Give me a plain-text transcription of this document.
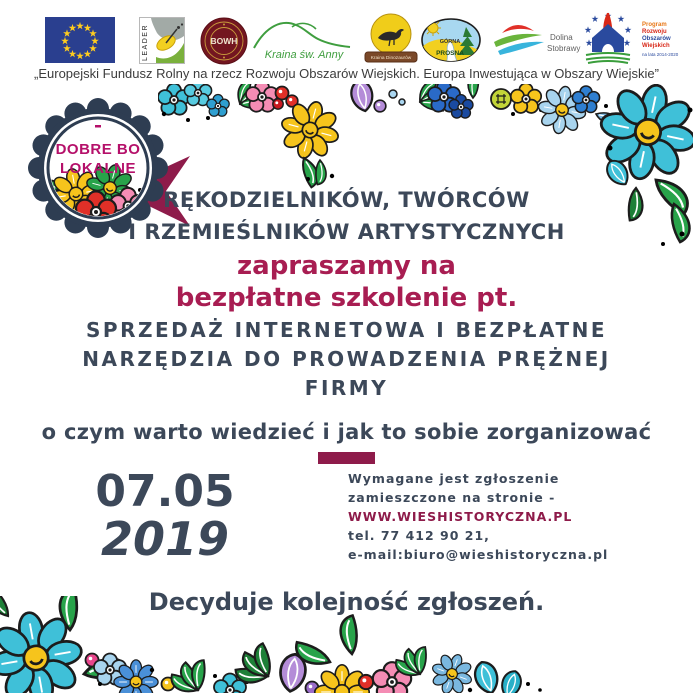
LEADER	BOWH
Kraina św. Anny	Kraina Dinozaurów
GÓRNA
PROSNA
Dolina
Stobrawy
Program
Rozwoju
Obszarów
Wiejskich
na lata 2014-2020
„Europejski Fundusz Rolny na rzecz Rozwoju Obszarów Wiejskich. Europa Inwestująca w Obszary Wiejskie”
DOBRE BO
LOKALNE
RĘKODZIELNIKÓW, TWÓRCÓW
I RZEMIEŚLNIKÓW ARTYSTYCZNYCH
zapraszamy na
bezpłatne szkolenie pt.
SPRZEDAŻ INTERNETOWA I BEZPŁATNE
NARZĘDZIA DO PROWADZENIA PRĘŻNEJ
FIRMY
o czym warto wiedzieć i jak to sobie zorganizować
07.05
2019
Wymagane jest zgłoszenie
zamieszczone na stronie -
WWW.WIESHISTORYCZNA.PL
tel. 77 412 90 21,
e-mail:biuro@wieshistoryczna.pl
Decyduje kolejność zgłoszeń.
